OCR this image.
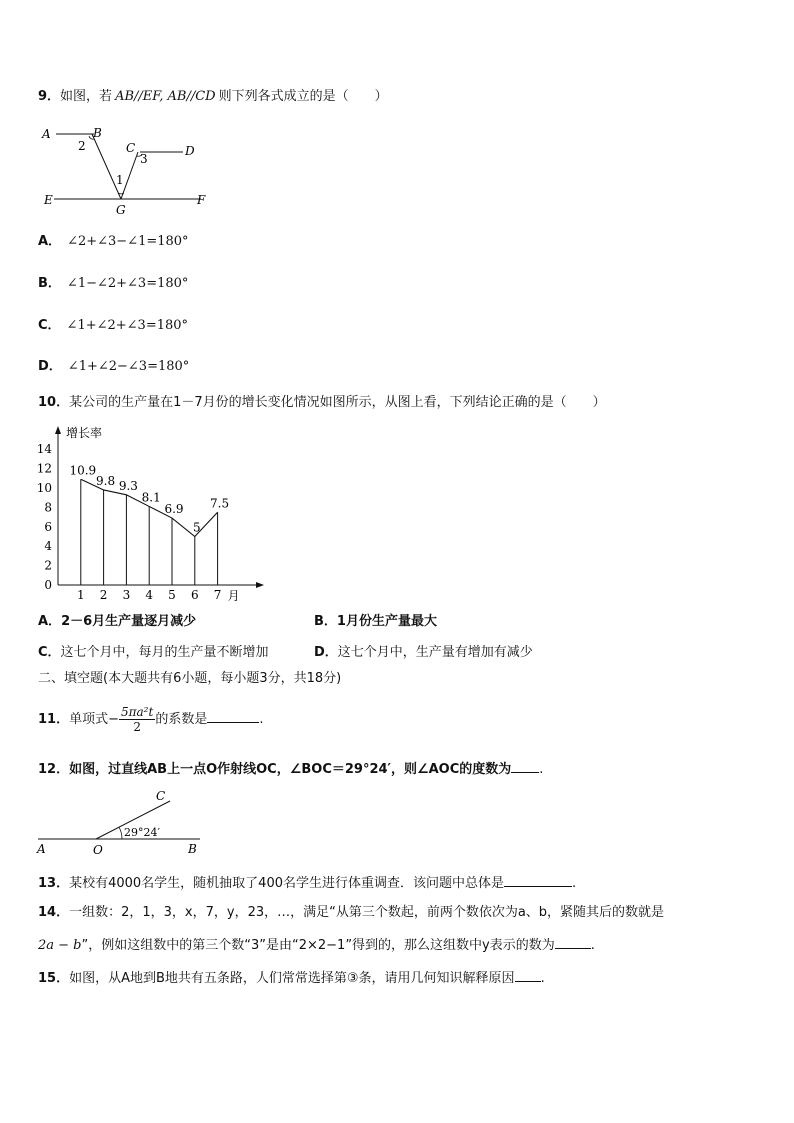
9．如图，若 AB//EF, AB//CD 则下列各式成立的是（　　）
A	B
2	C
3
D
1
E
G
F
A． ∠2+∠3−∠1=180°
B． ∠1−∠2+∠3=180°
C． ∠1+∠2+∠3=180°
D． ∠1+∠2−∠3=180°
10．某公司的生产量在1－7月份的增长变化情况如图所示，从图上看，下列结论正确的是（　　）
0
2
4
6
8
10
12
14
1 2 3 4 5 6 7
10.9
9.8 9.3
8.1
6.9
5
7.5
增长率
月
A．2－6月生产量逐月减少	B．1月份生产量最大
C．这七个月中，每月的生产量不断增加	D．这七个月中，生产量有增加有减少
二、填空题(本大题共有6小题，每小题3分，共18分)
11．单项式− $\frac{\text{5πa²t}}{2}$ 的系数是	.
12．如图，过直线AB上一点O作射线OC，∠BOC＝29°24′，则∠AOC的度数为 .
A	O	B
C
29°24′
13．某校有4000名学生，随机抽取了400名学生进行体重调查．该问题中总体是	.
14．一组数：2，1，3，x，7，y，23，…，满足“从第三个数起，前两个数依次为a、b，紧随其后的数就是
2a − b”，例如这组数中的第三个数“3”是由“2×2−1”得到的，那么这组数中y表示的数为	.
15．如图，从A地到B地共有五条路，人们常常选择第③条，请用几何知识解释原因 .
